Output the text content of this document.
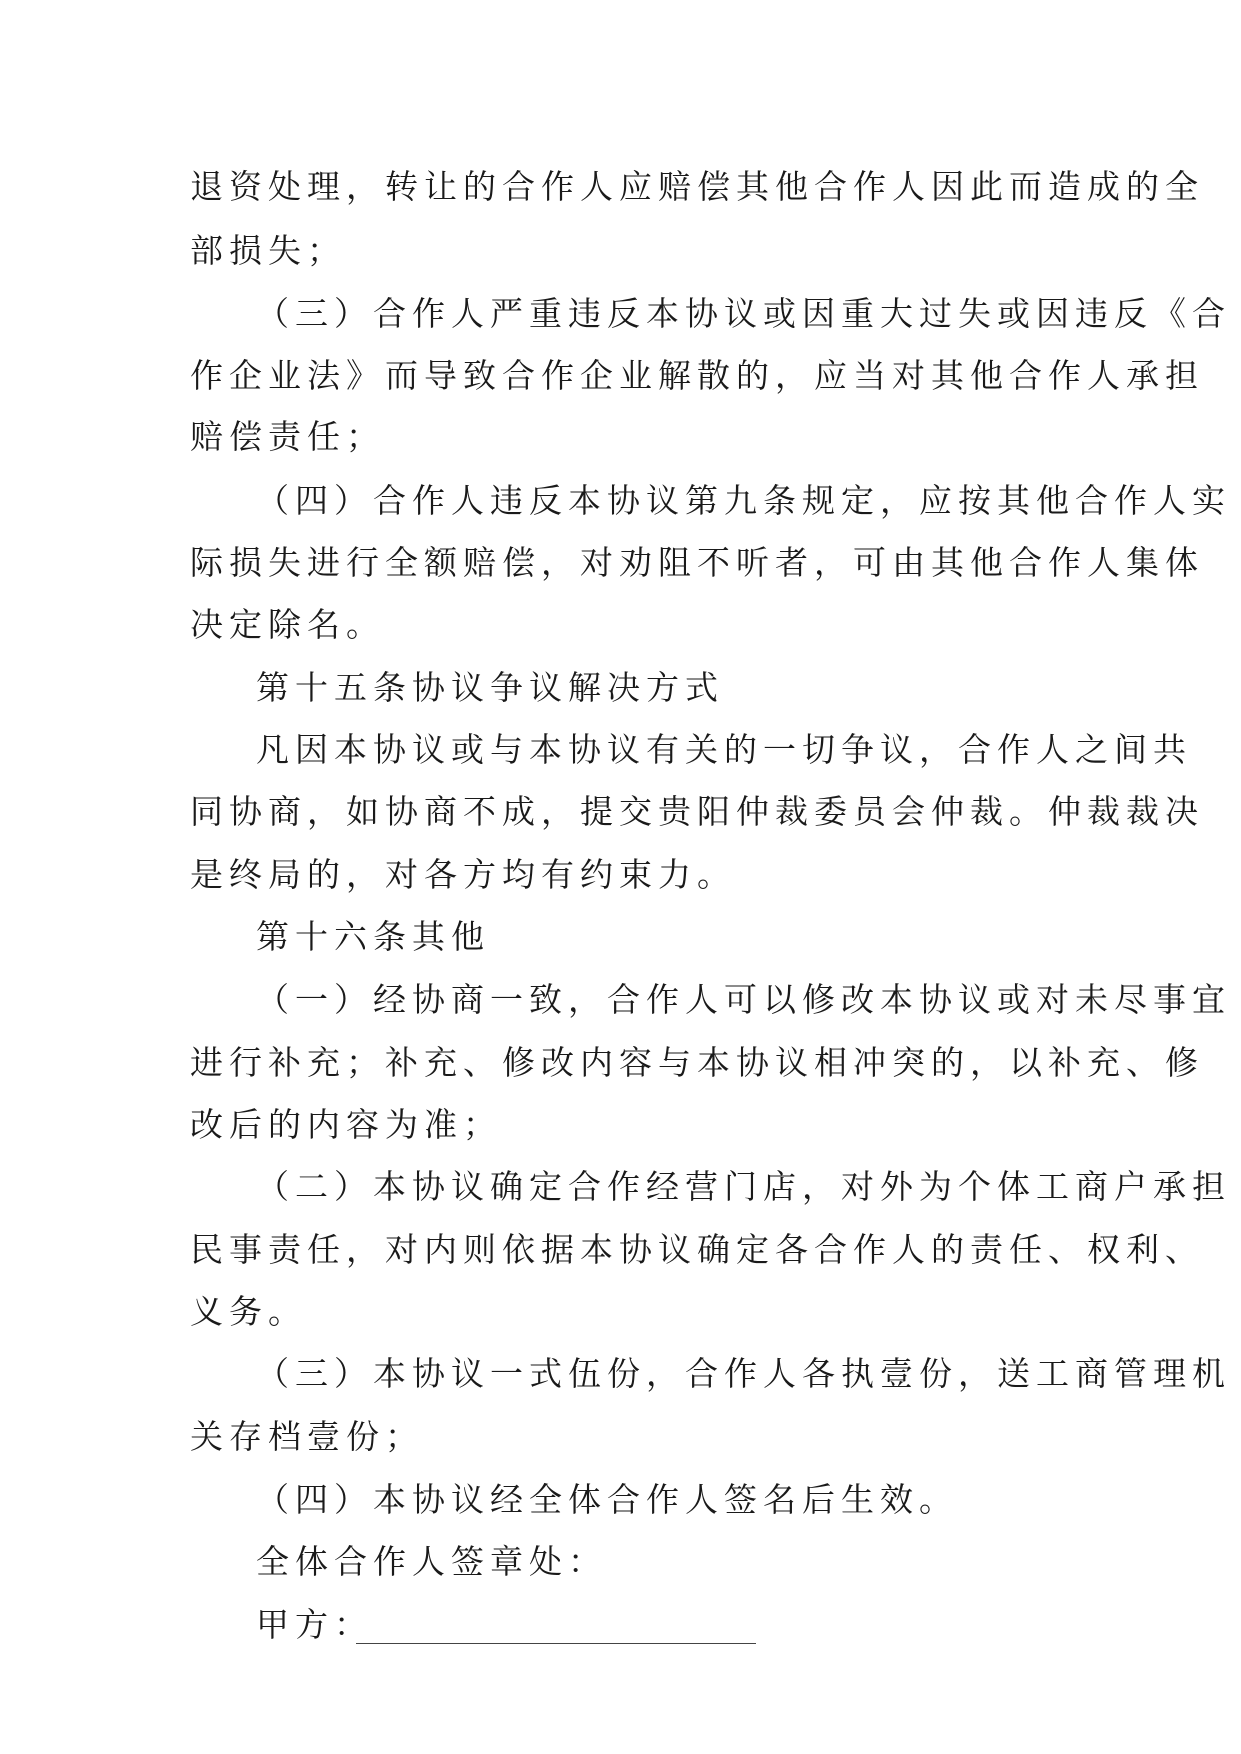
退资处理，转让的合作人应赔偿其他合作人因此而造成的全

部损失；

（三）合作人严重违反本协议或因重大过失或因违反《合

作企业法》而导致合作企业解散的，应当对其他合作人承担

赔偿责任；

（四）合作人违反本协议第九条规定，应按其他合作人实

际损失进行全额赔偿，对劝阻不听者，可由其他合作人集体

决定除名。

第十五条协议争议解决方式

凡因本协议或与本协议有关的一切争议，合作人之间共

同协商，如协商不成，提交贵阳仲裁委员会仲裁。仲裁裁决

是终局的，对各方均有约束力。

第十六条其他

（一）经协商一致，合作人可以修改本协议或对未尽事宜

进行补充；补充、修改内容与本协议相冲突的，以补充、修

改后的内容为准；

（二）本协议确定合作经营门店，对外为个体工商户承担

民事责任，对内则依据本协议确定各合作人的责任、权利、

义务。

（三）本协议一式伍份，合作人各执壹份，送工商管理机

关存档壹份；

（四）本协议经全体合作人签名后生效。

全体合作人签章处：

甲方：
